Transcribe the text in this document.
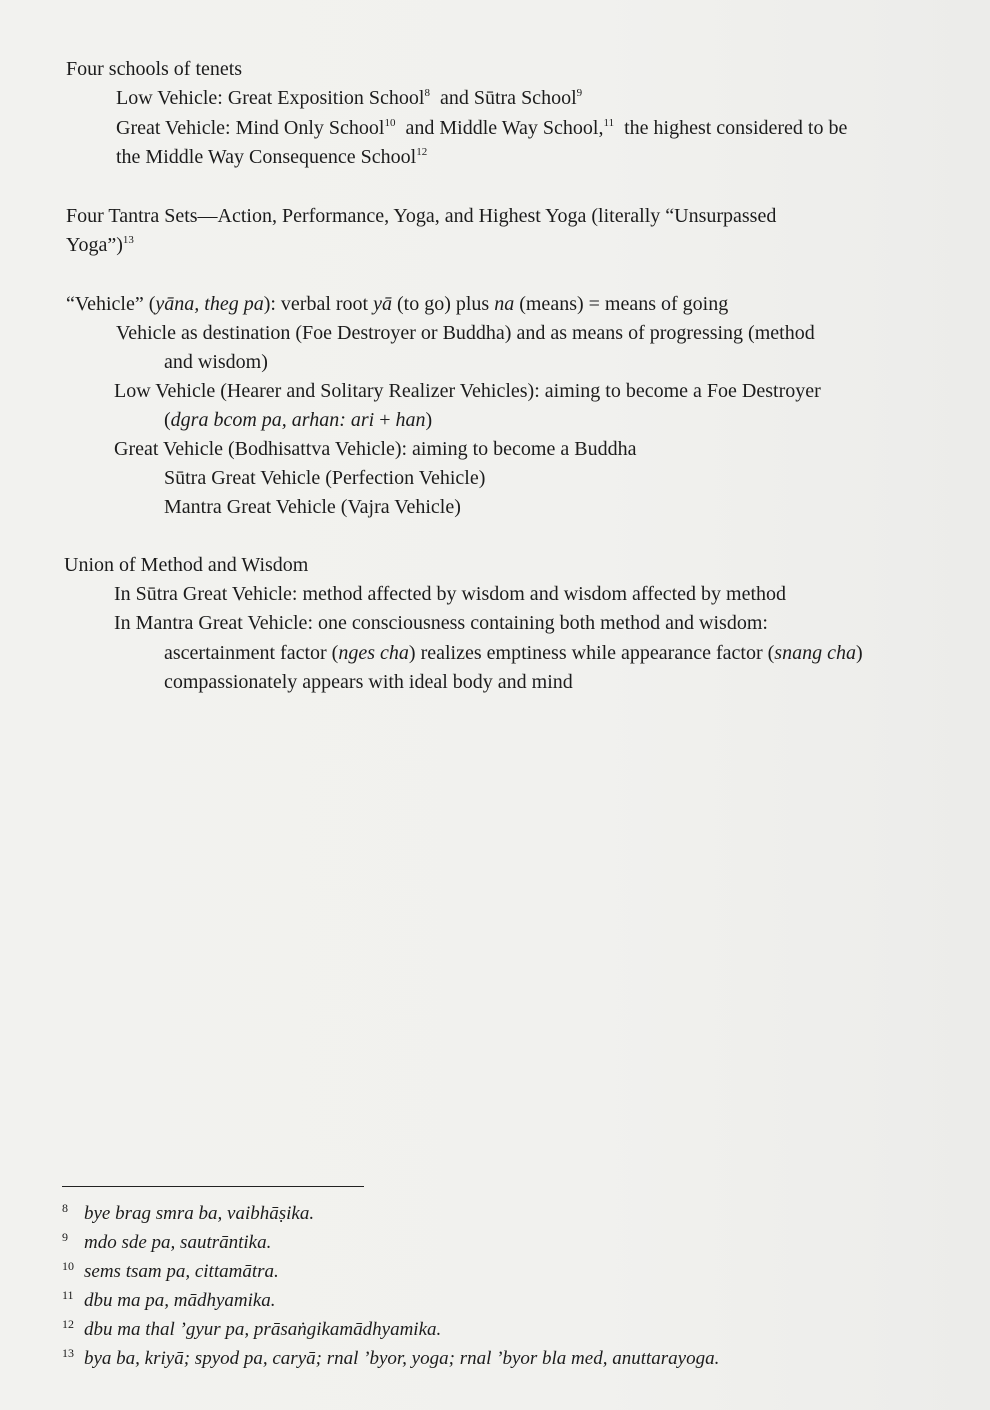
Four schools of tenets
Low Vehicle: Great Exposition School$^8$  and Sūtra School$^9$
Great Vehicle: Mind Only School$^{10}$  and Middle Way School,$^{11}$  the highest considered to be
the Middle Way Consequence School$^{12}$
Four Tantra Sets—Action, Performance, Yoga, and Highest Yoga (literally “Unsurpassed
Yoga”)$^{13}$
“Vehicle” (yāna, theg pa): verbal root yā (to go) plus na (means) = means of going
Vehicle as destination (Foe Destroyer or Buddha) and as means of progressing (method
and wisdom)
Low Vehicle (Hearer and Solitary Realizer Vehicles): aiming to become a Foe Destroyer
(dgra bcom pa, arhan: ari + han)
Great Vehicle (Bodhisattva Vehicle): aiming to become a Buddha
Sūtra Great Vehicle (Perfection Vehicle)
Mantra Great Vehicle (Vajra Vehicle)
Union of Method and Wisdom
In Sūtra Great Vehicle: method affected by wisdom and wisdom affected by method
In Mantra Great Vehicle: one consciousness containing both method and wisdom:
ascertainment factor (nges cha) realizes emptiness while appearance factor (snang cha)
compassionately appears with ideal body and mind
8 bye brag smra ba, vaibhāṣika.
9 mdo sde pa, sautrāntika.
10 sems tsam pa, cittamātra.
11 dbu ma pa, mādhyamika.
12 dbu ma thal ’gyur pa, prāsaṅgikamādhyamika.
13 bya ba, kriyā; spyod pa, caryā; rnal ’byor, yoga; rnal ’byor bla med, anuttarayoga.
